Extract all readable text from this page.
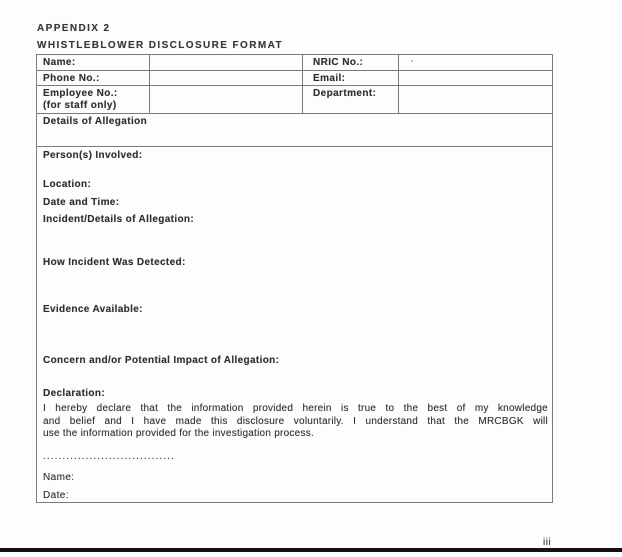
APPENDIX 2
WHISTLEBLOWER DISCLOSURE FORMAT
Name:	NRIC No.:
Phone No.:	Email:
Employee No.:
(for staff only)
Department:
Details of Allegation
Person(s) Involved:
Location:
Date and Time:
Incident/Details of Allegation:
How Incident Was Detected:
Evidence Available:
Concern and/or Potential Impact of Allegation:
Declaration:
I hereby declare that the information provided herein is true to the best of my knowledge
and belief and I have made this disclosure voluntarily. I understand that the MRCBGK will
use the information provided for the investigation process.
..................................
Name:
Date:
iii
